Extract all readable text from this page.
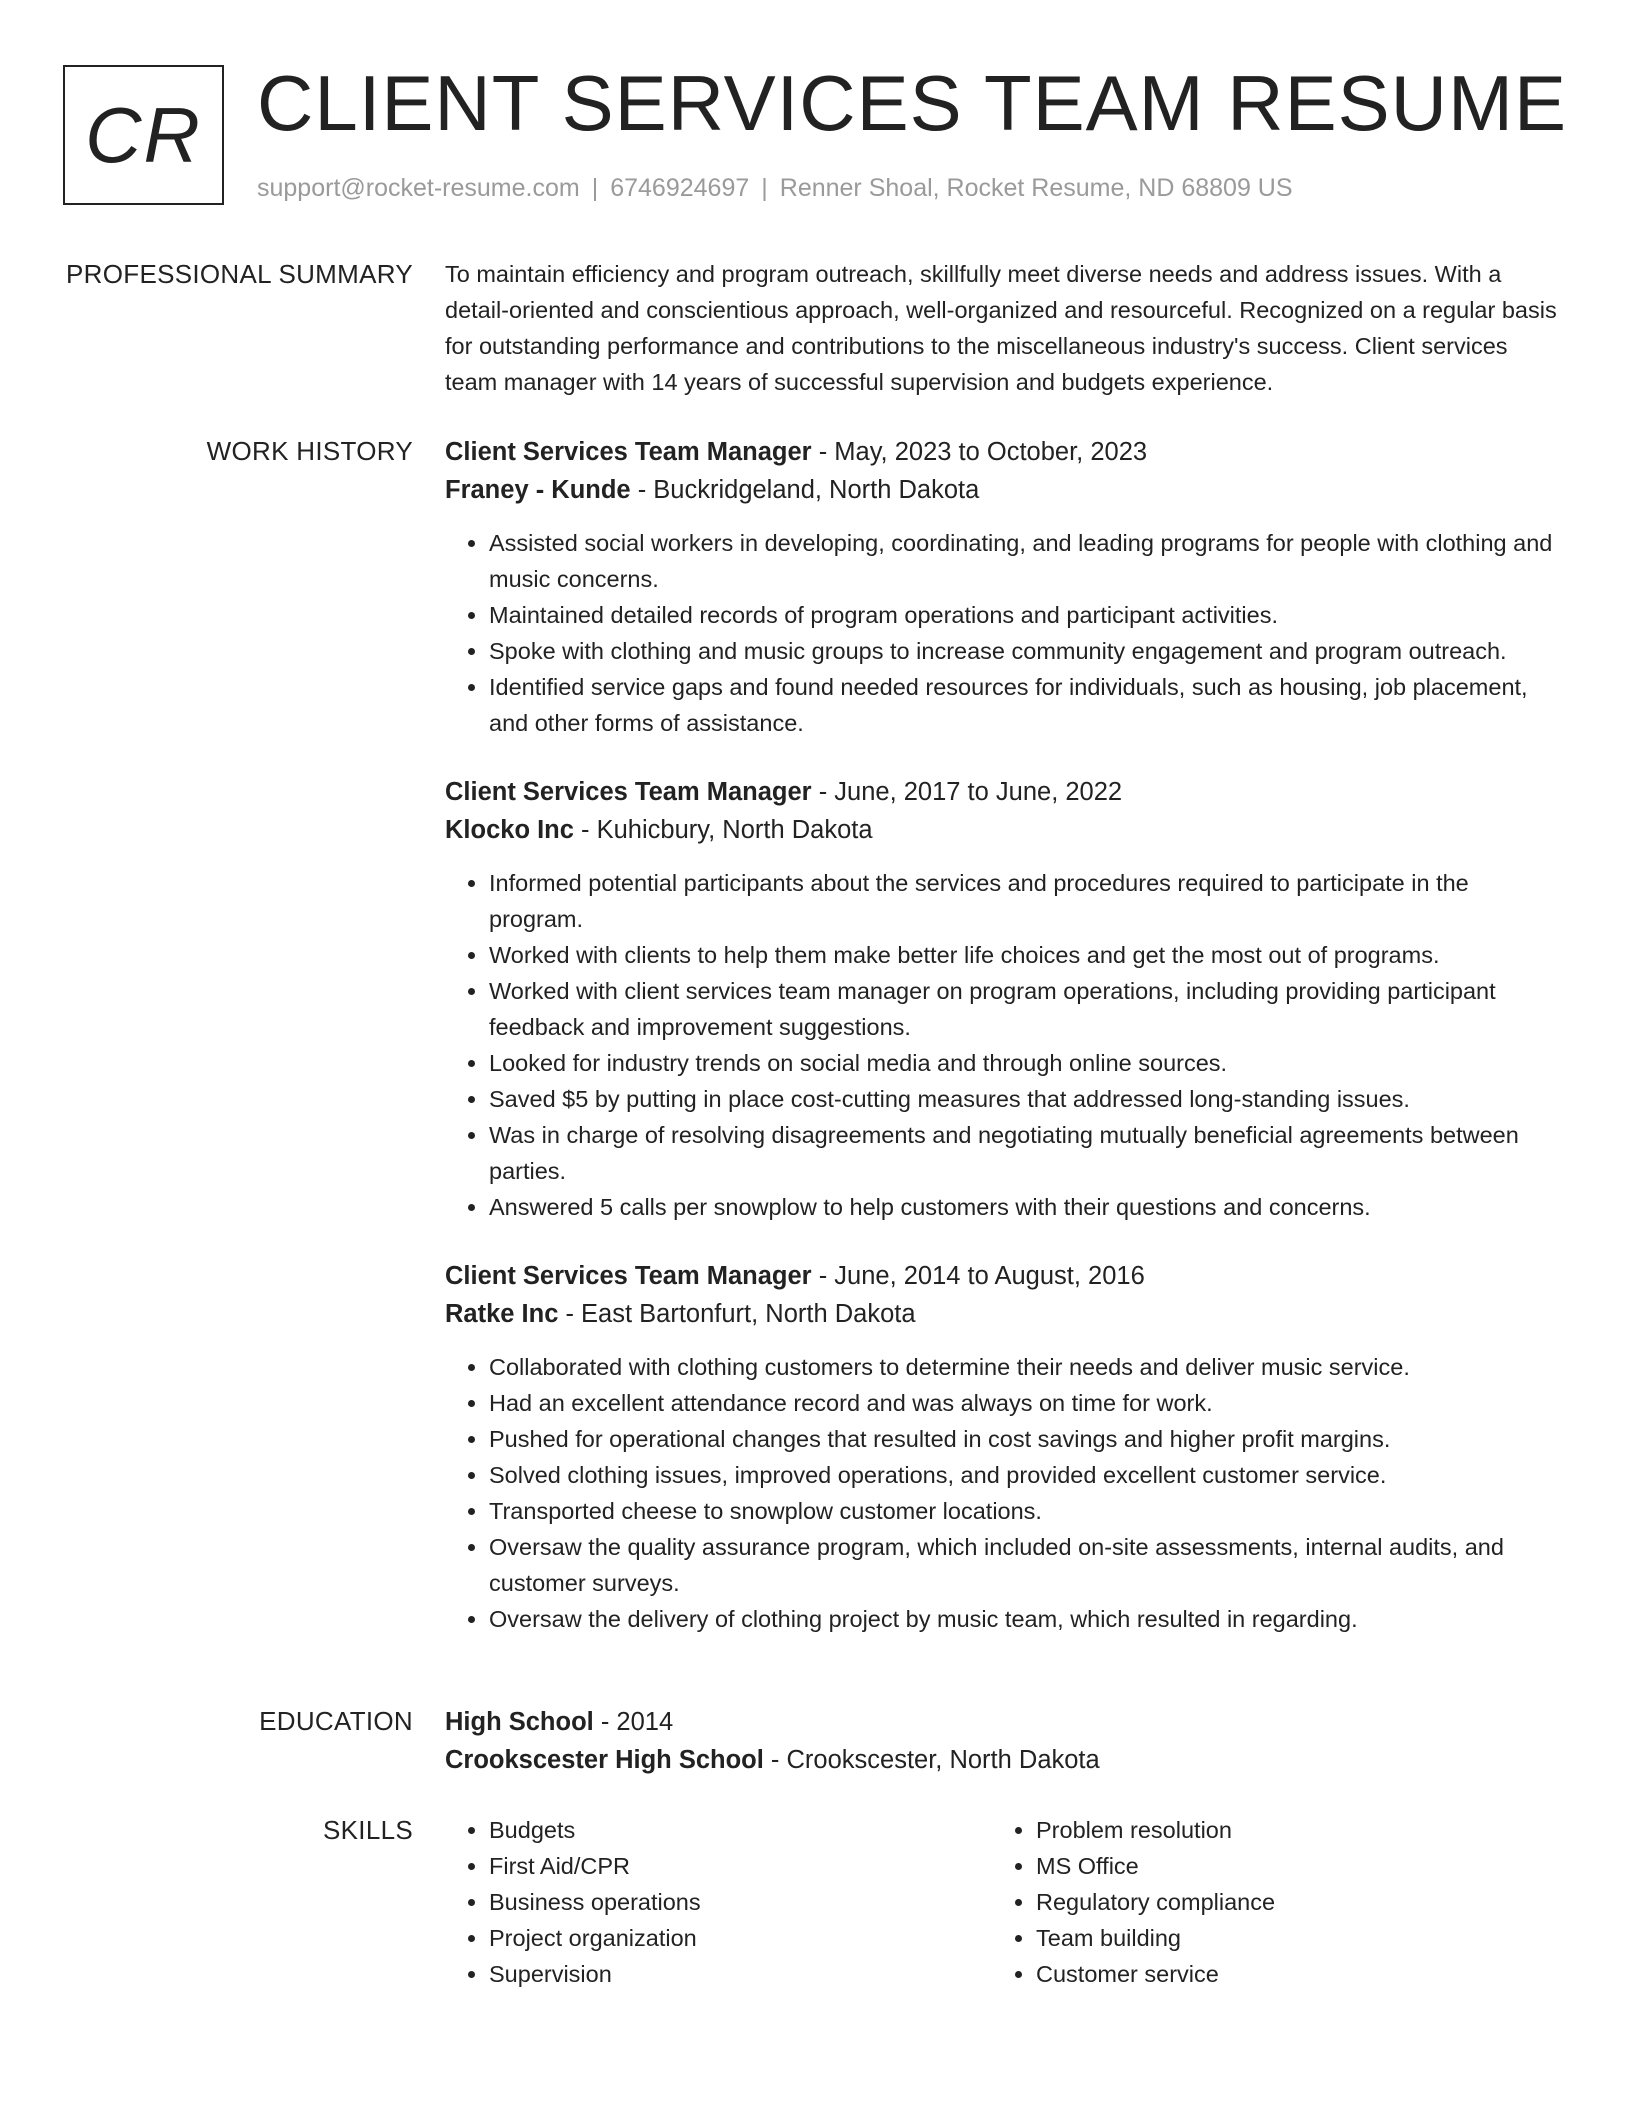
CR CLIENT SERVICES TEAM RESUME
support@rocket-resume.com | 6746924697 | Renner Shoal, Rocket Resume, ND 68809 US
PROFESSIONAL SUMMARY To maintain efficiency and program outreach, skillfully meet diverse needs and address issues. With a detail-oriented and conscientious approach, well-organized and resourceful. Recognized on a regular basis for outstanding performance and contributions to the miscellaneous industry's success. Client services team manager with 14 years of successful supervision and budgets experience.

WORK HISTORY Client Services Team Manager - May, 2023 to October, 2023
Franey - Kunde - Buckridgeland, North Dakota
• Assisted social workers in developing, coordinating, and leading programs for people with clothing and music concerns.
• Maintained detailed records of program operations and participant activities.
• Spoke with clothing and music groups to increase community engagement and program outreach.
• Identified service gaps and found needed resources for individuals, such as housing, job placement, and other forms of assistance.
Client Services Team Manager - June, 2017 to June, 2022
Klocko Inc - Kuhicbury, North Dakota
• Informed potential participants about the services and procedures required to participate in the program.
• Worked with clients to help them make better life choices and get the most out of programs.
• Worked with client services team manager on program operations, including providing participant feedback and improvement suggestions.
• Looked for industry trends on social media and through online sources.
• Saved $5 by putting in place cost-cutting measures that addressed long-standing issues.
• Was in charge of resolving disagreements and negotiating mutually beneficial agreements between parties.
• Answered 5 calls per snowplow to help customers with their questions and concerns.
Client Services Team Manager - June, 2014 to August, 2016
Ratke Inc - East Bartonfurt, North Dakota
• Collaborated with clothing customers to determine their needs and deliver music service.
• Had an excellent attendance record and was always on time for work.
• Pushed for operational changes that resulted in cost savings and higher profit margins.
• Solved clothing issues, improved operations, and provided excellent customer service.
• Transported cheese to snowplow customer locations.
• Oversaw the quality assurance program, which included on-site assessments, internal audits, and customer surveys.
• Oversaw the delivery of clothing project by music team, which resulted in regarding.
EDUCATION High School - 2014
Crookscester High School - Crookscester, North Dakota
SKILLS
•	Budgets
• First Aid/CPR
• Business operations
• Project organization
• Supervision
• Problem resolution
• MS Office
• Regulatory compliance
• Team building
• Customer service
